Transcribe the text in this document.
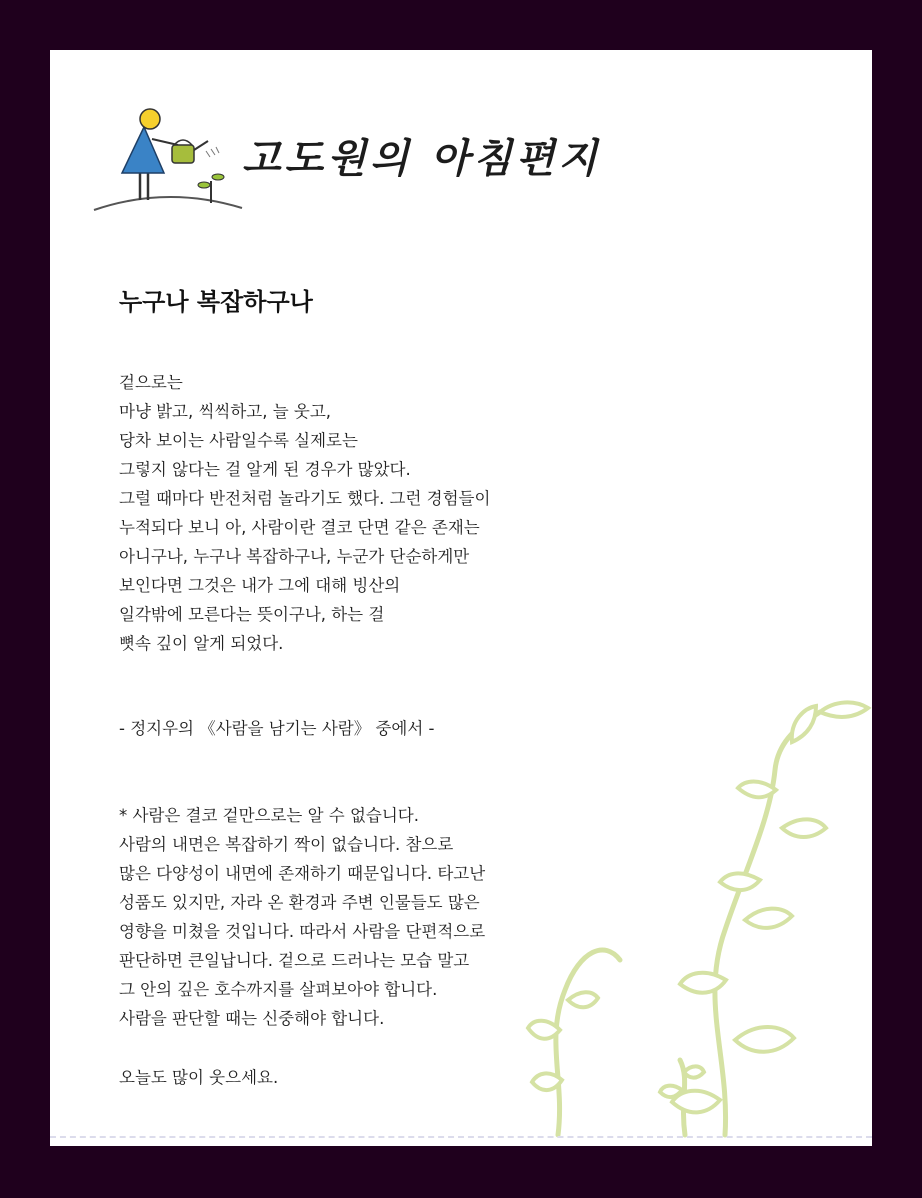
고도원의 아침편지
누구나 복잡하구나
겉으로는
마냥 밝고, 씩씩하고, 늘 웃고,
당차 보이는 사람일수록 실제로는
그렇지 않다는 걸 알게 된 경우가 많았다.
그럴 때마다 반전처럼 놀라기도 했다. 그런 경험들이
누적되다 보니 아, 사람이란 결코 단면 같은 존재는
아니구나, 누구나 복잡하구나, 누군가 단순하게만
보인다면 그것은 내가 그에 대해 빙산의
일각밖에 모른다는 뜻이구나, 하는 걸
뼛속 깊이 알게 되었다.
- 정지우의 《사람을 남기는 사람》 중에서 -
* 사람은 결코 겉만으로는 알 수 없습니다.
사람의 내면은 복잡하기 짝이 없습니다. 참으로
많은 다양성이 내면에 존재하기 때문입니다. 타고난
성품도 있지만, 자라 온 환경과 주변 인물들도 많은
영향을 미쳤을 것입니다. 따라서 사람을 단편적으로
판단하면 큰일납니다. 겉으로 드러나는 모습 말고
그 안의 깊은 호수까지를 살펴보아야 합니다.
사람을 판단할 때는 신중해야 합니다.
오늘도 많이 웃으세요.
